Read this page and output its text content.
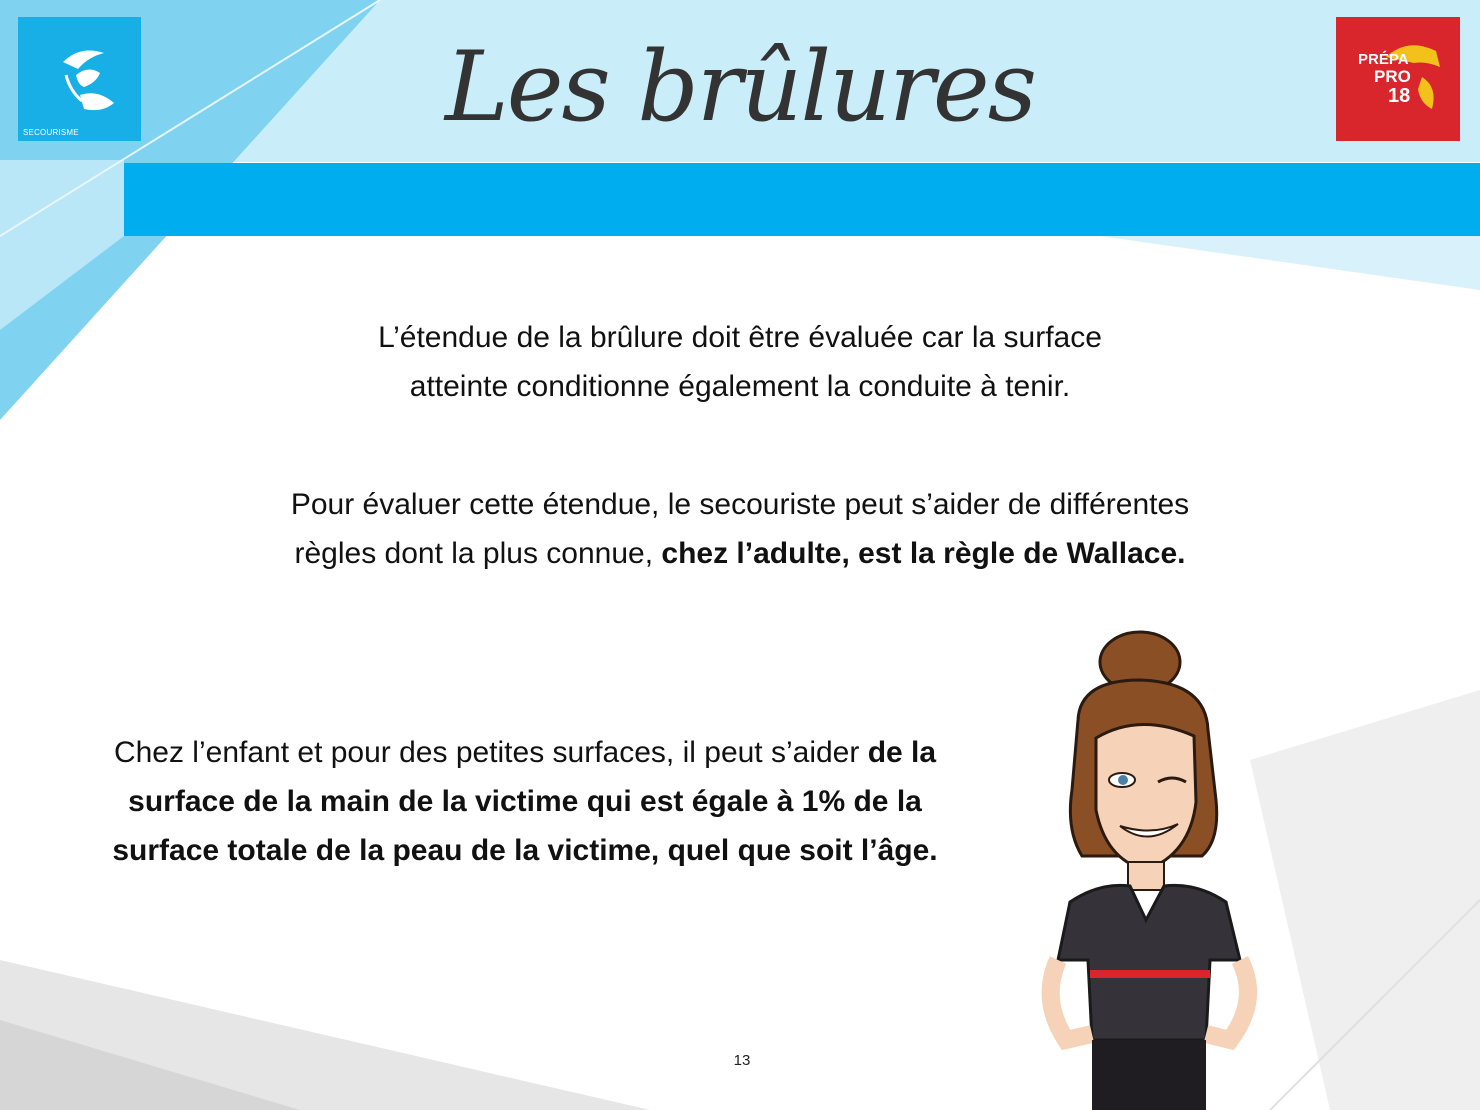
SECOURISME
PRÉPA
PRO
18
Les brûlures
L’étendue de la brûlure doit être évaluée car la surface
atteinte conditionne également la conduite à tenir.
Pour évaluer cette étendue, le secouriste peut s’aider de différentes
règles dont la plus connue, chez l’adulte, est la règle de Wallace.
Chez l’enfant et pour des petites surfaces, il peut s’aider de la
surface de la main de la victime qui est égale à 1% de la
surface totale de la peau de la victime, quel que soit l’âge.
13
